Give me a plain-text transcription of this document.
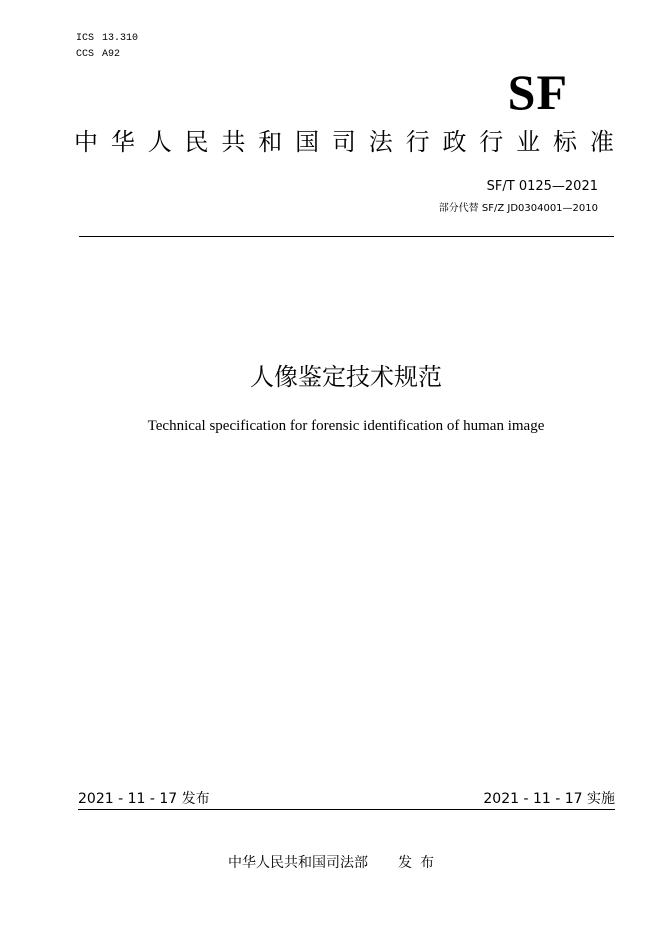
ICS 13.310
CCS A92
SF
中 华 人 民 共 和 国 司 法 行 政 行 业 标 准
SF/T 0125—2021
部分代替 SF/Z JD0304001—2010
人像鉴定技术规范
Technical specification for forensic identification of human image
2021 - 11 - 17 发布	2021 - 11 - 17 实施
中华人民共和国司法部 发布
